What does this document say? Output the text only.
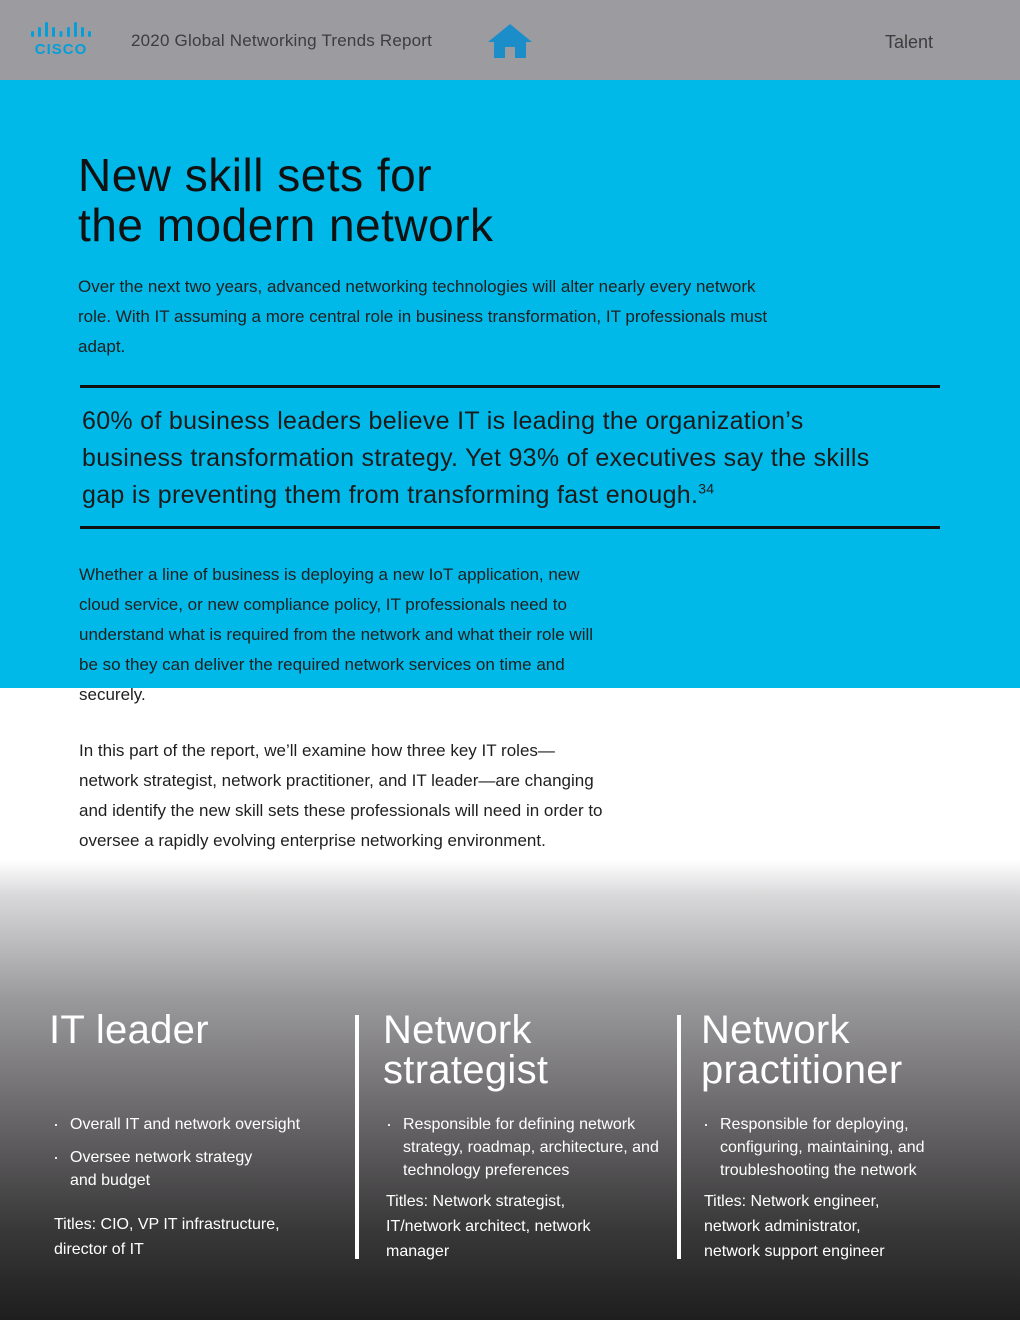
CISCO	2020 Global Networking Trends Report	Talent
New skill sets for
the modern network

Over the next two years, advanced networking technologies will alter nearly every network role. With IT assuming a more central role in business transformation, IT professionals must adapt.

60% of business leaders believe IT is leading the organization’s business transformation strategy. Yet 93% of executives say the skills gap is preventing them from transforming fast enough.$^{34}$

Whether a line of business is deploying a new IoT application, new cloud service, or new compliance policy, IT professionals need to understand what is required from the network and what their role will be so they can deliver the required network services on time and securely.

In this part of the report, we’ll examine how three key IT roles—network strategist, network practitioner, and IT leader—are changing and identify the new skill sets these professionals will need in order to oversee a rapidly evolving enterprise networking environment.

IT leader
· Overall IT and network oversight
· Oversee network strategy and budget

Titles: CIO, VP IT infrastructure, director of IT

Network
strategist
· Responsible for defining network strategy, roadmap, architecture, and technology preferences

Titles: Network strategist, IT/network architect, network manager

Network
practitioner
· Responsible for deploying, configuring, maintaining, and troubleshooting the network

Titles: Network engineer, network administrator, network support engineer
